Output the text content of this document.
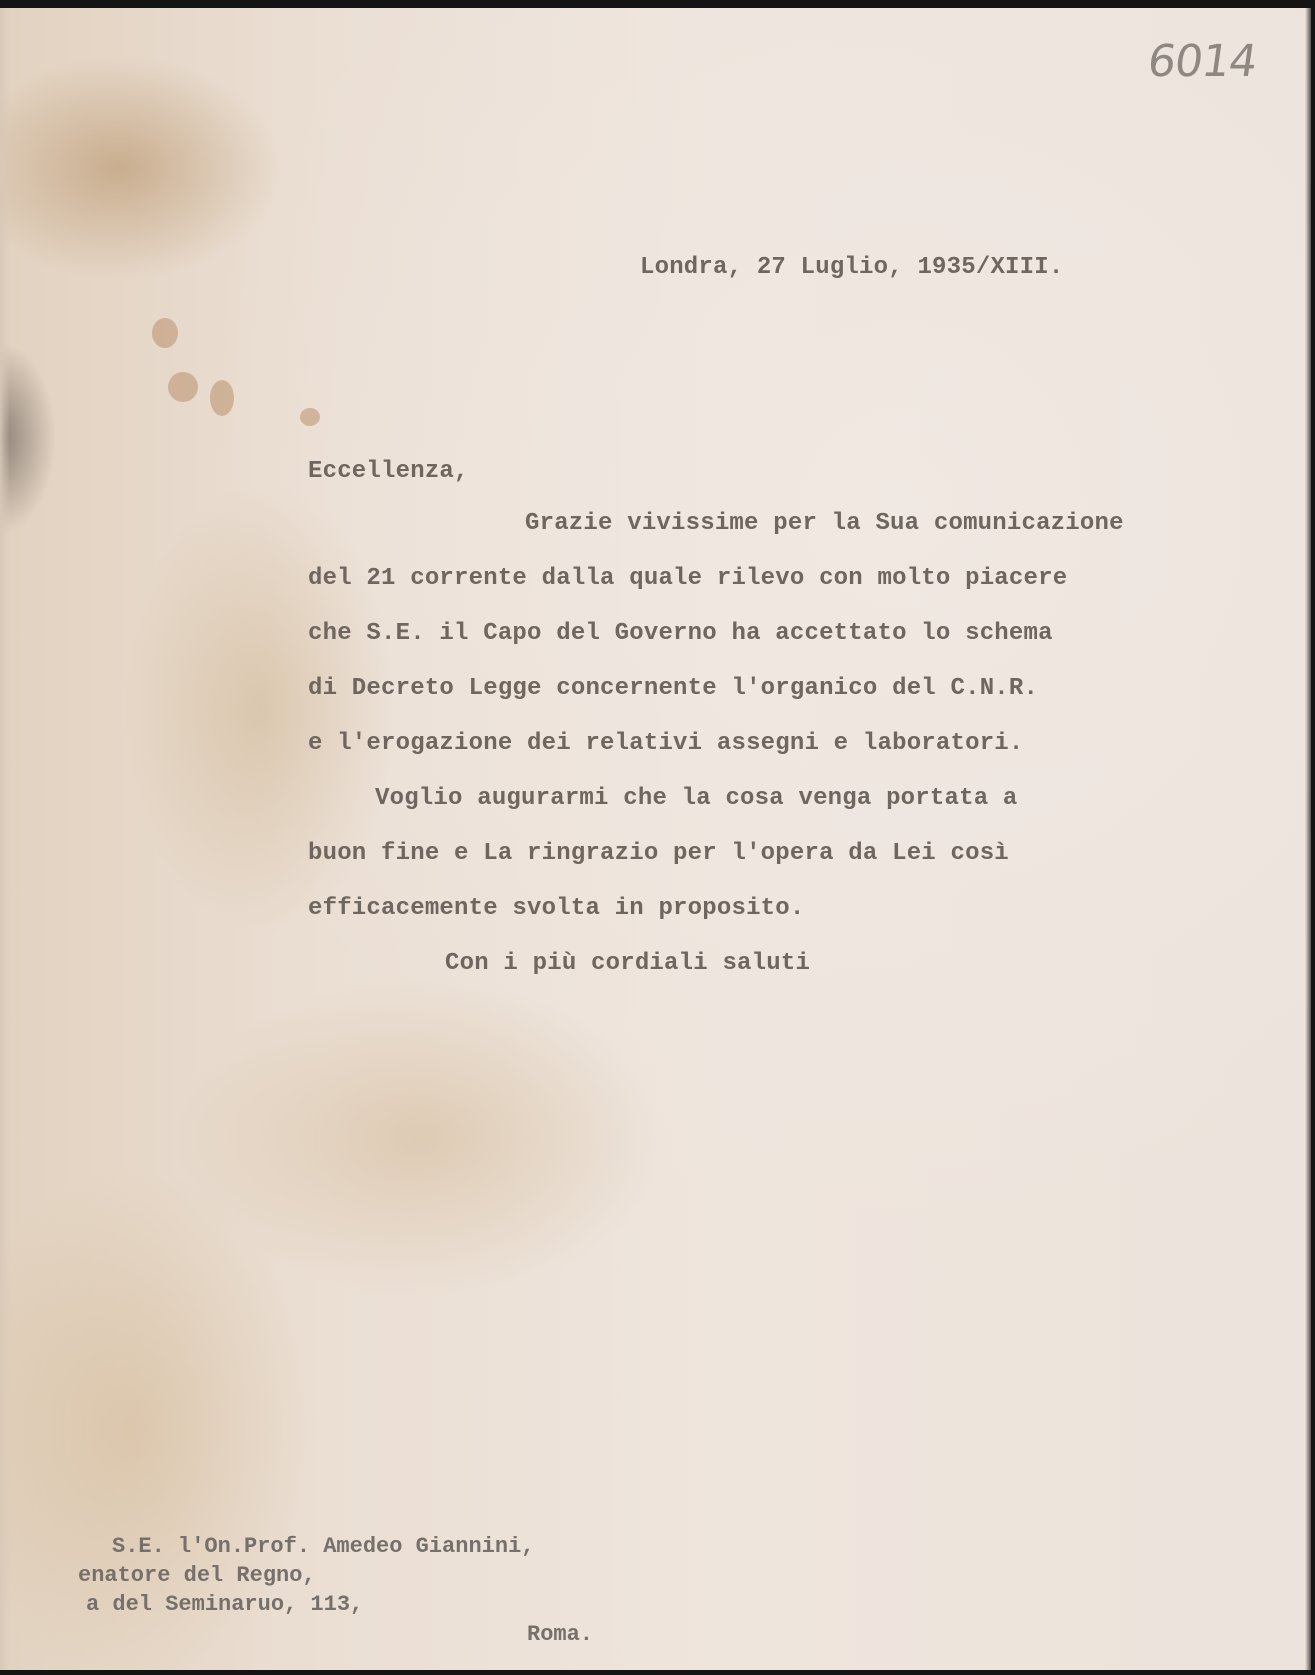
6014
Londra, 27 Luglio, 1935/XIII.
Eccellenza,
Grazie vivissime per la Sua comunicazione
del 21 corrente dalla quale rilevo con molto piacere
che S.E. il Capo del Governo ha accettato lo schema
di Decreto Legge concernente l'organico del C.N.R.
e l'erogazione dei relativi assegni e laboratori.
Voglio augurarmi che la cosa venga portata a
buon fine e La ringrazio per l'opera da Lei così
efficacemente svolta in proposito.
Con i più cordiali saluti
S.E. l'On.Prof. Amedeo Giannini,
enatore del Regno,
a del Seminaruo, 113,
Roma.
